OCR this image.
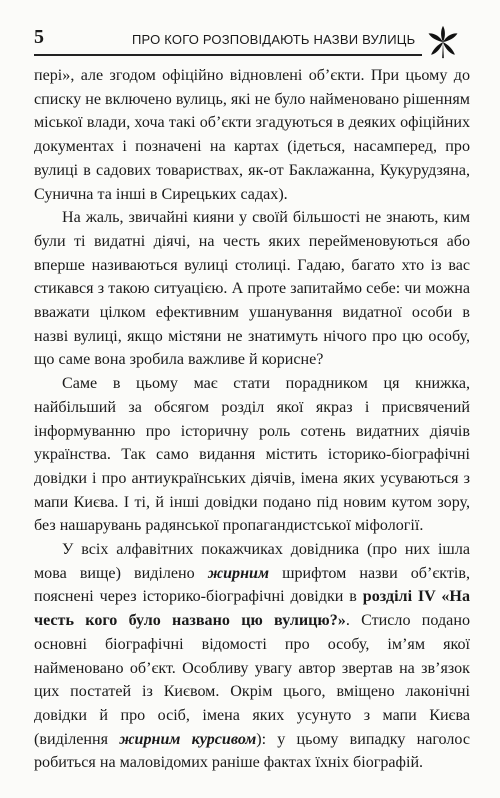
5	ПРО КОГО РОЗПОВІДАЮТЬ НАЗВИ ВУЛИЦЬ

пері», але згодом офіційно відновлені об’єкти. При цьому до списку не включено вулиць, які не було найменовано рішенням міської влади, хоча такі об’єкти згадуються в деяких офіційних документах і позначені на картах (ідеться, насамперед, про вулиці в садових товариствах, як-от Баклажанна, Кукурудзяна, Сунична та інші в Сирецьких садах).

На жаль, звичайні кияни у своїй більшості не знають, ким були ті видатні діячі, на честь яких перейменовуються або вперше називаються вулиці столиці. Гадаю, багато хто із вас стикався з такою ситуацією. А проте запитаймо себе: чи можна вважати цілком ефективним ушанування видатної особи в назві вулиці, якщо містяни не знатимуть нічого про цю особу, що саме вона зробила важливе й корисне?

Саме в цьому має стати порадником ця книжка, найбільший за обсягом розділ якої якраз і присвячений інформуванню про історичну роль сотень видатних діячів українства. Так само видання містить історико-біографічні довідки і про антиукраїнських діячів, імена яких усуваються з мапи Києва. І ті, й інші довідки подано під новим кутом зору, без нашарувань радянської пропагандистської міфології.

У всіх алфавітних покажчиках довідника (про них ішла мова вище) виділено жирним шрифтом назви об’єктів, пояснені через історико-біографічні довідки в розділі IV «На честь кого було названо цю вулицю?». Стисло подано основні біографічні відомості про особу, ім’ям якої найменовано об’єкт. Особливу увагу автор звертав на зв’язок цих постатей із Києвом. Окрім цього, вміщено лаконічні довідки й про осіб, імена яких усунуто з мапи Києва (виділення жирним курсивом): у цьому випадку наголос робиться на маловідомих раніше фактах їхніх біографій.
